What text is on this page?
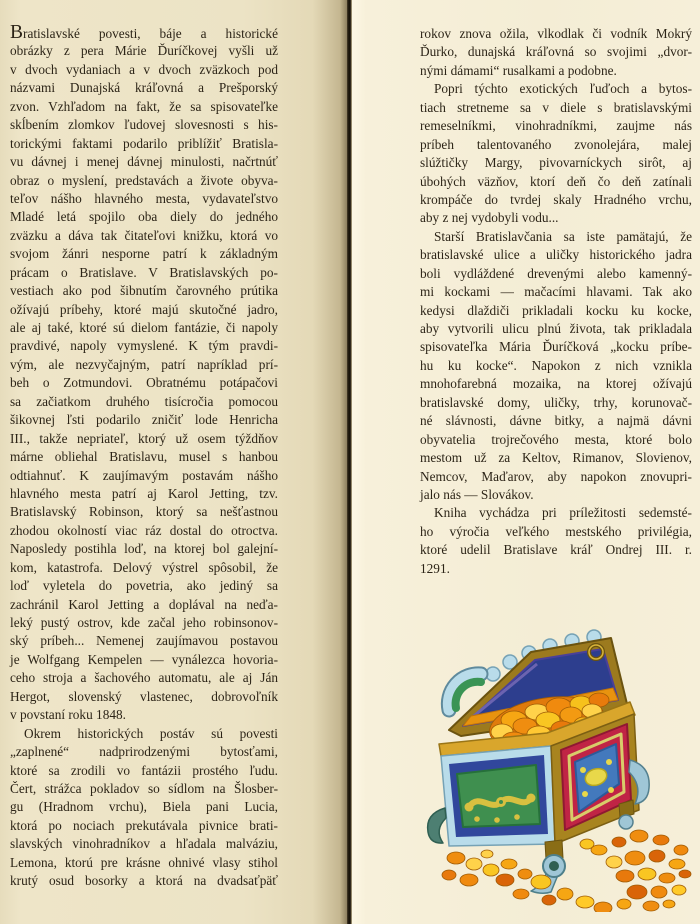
Bratislavské povesti, báje a historické
obrázky z pera Márie Ďuríčkovej vyšli už
v dvoch vydaniach a v dvoch zväzkoch pod
názvami Dunajská kráľovná a Prešporský
zvon. Vzhľadom na fakt, že sa spisovateľke
skĺbením zlomkov ľudovej slovesnosti s his-
torickými faktami podarilo priblížiť Bratisla-
vu dávnej i menej dávnej minulosti, načrtnúť
obraz o myslení, predstavách a živote obyva-
teľov nášho hlavného mesta, vydavateľstvo
Mladé letá spojilo oba diely do jedného
zväzku a dáva tak čitateľovi knižku, ktorá vo
svojom žánri nesporne patrí k základným
prácam o Bratislave. V Bratislavských po-
vestiach ako pod šibnutím čarovného prútika
ožívajú príbehy, ktoré majú skutočné jadro,
ale aj také, ktoré sú dielom fantázie, či napoly
pravdivé, napoly vymyslené. K tým pravdi-
vým, ale nezvyčajným, patrí napríklad prí-
beh o Zotmundovi. Obratnému potápačovi
sa začiatkom druhého tisícročia pomocou
šikovnej ľsti podarilo zničiť lode Henricha
III., takže nepriateľ, ktorý už osem týždňov
márne obliehal Bratislavu, musel s hanbou
odtiahnuť. K zaujímavým postavám nášho
hlavného mesta patrí aj Karol Jetting, tzv.
Bratislavský Robinson, ktorý sa nešťastnou
zhodou okolností viac ráz dostal do otroctva.
Naposledy postihla loď, na ktorej bol galejní-
kom, katastrofa. Delový výstrel spôsobil, že
loď vyletela do povetria, ako jediný sa
zachránil Karol Jetting a doplával na neďa-
leký pustý ostrov, kde začal jeho robinsonov-
ský príbeh... Nemenej zaujímavou postavou
je Wolfgang Kempelen — vynálezca hovoria-
ceho stroja a šachového automatu, ale aj Ján
Hergot, slovenský vlastenec, dobrovoľník
v povstaní roku 1848.
Okrem historických postáv sú povesti
„zaplnené“ nadprirodzenými bytosťami,
ktoré sa zrodili vo fantázii prostého ľudu.
Čert, strážca pokladov so sídlom na Šlosber-
gu (Hradnom vrchu), Biela pani Lucia,
ktorá po nociach prekutávala pivnice brati-
slavských vinohradníkov a hľadala malváziu,
Lemona, ktorú pre krásne ohnivé vlasy stihol
krutý osud bosorky a ktorá na dvadsaťpäť
rokov znova ožila, vlkodlak či vodník Mokrý
Ďurko, dunajská kráľovná so svojimi „dvor-
nými dámami“ rusalkami a podobne.
Popri týchto exotických ľuďoch a bytos-
tiach stretneme sa v diele s bratislavskými
remeselníkmi, vinohradníkmi, zaujme nás
príbeh talentovaného zvonolejára, malej
slúžtičky Margy, pivovarníckych sirôt, aj
úbohých väzňov, ktorí deň čo deň zatínali
krompáče do tvrdej skaly Hradného vrchu,
aby z nej vydobyli vodu...
Starší Bratislavčania sa iste pamätajú, že
bratislavské ulice a uličky historického jadra
boli vydláždené drevenými alebo kamenný-
mi kockami — mačacími hlavami. Tak ako
kedysi dlaždiči prikladali kocku ku kocke,
aby vytvorili ulicu plnú života, tak prikladala
spisovateľka Mária Ďuríčková „kocku príbe-
hu ku kocke“. Napokon z nich vznikla
mnohofarebná mozaika, na ktorej ožívajú
bratislavské domy, uličky, trhy, korunovač-
né slávnosti, dávne bitky, a najmä dávni
obyvatelia trojrečového mesta, ktoré bolo
mestom už za Keltov, Rimanov, Slovienov,
Nemcov, Maďarov, aby napokon znovupri-
jalo nás — Slovákov.
Kniha vychádza pri príležitosti sedemsté-
ho výročia veľkého mestského privilégia,
ktoré udelil Bratislave kráľ Ondrej III. r.
1291.
